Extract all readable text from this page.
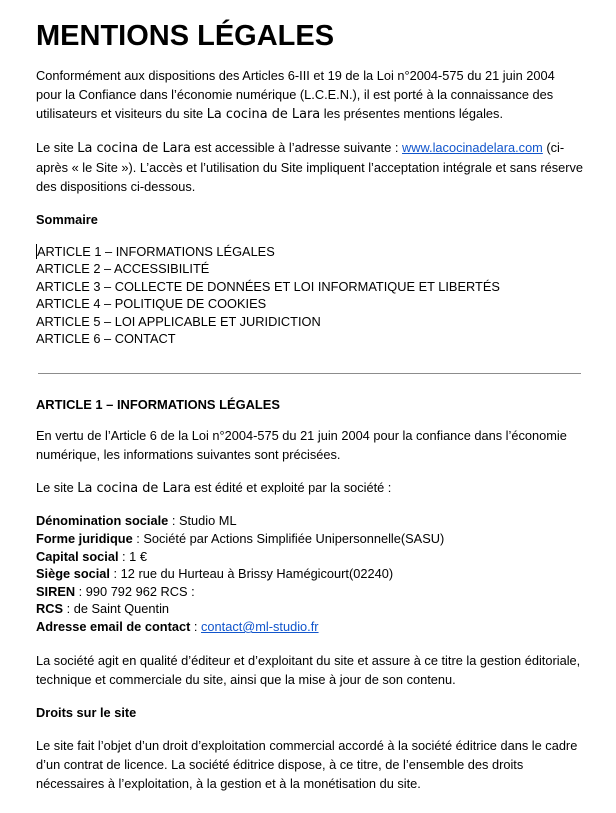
MENTIONS LÉGALES

Conformément aux dispositions des Articles 6-III et 19 de la Loi n°2004-575 du 21 juin 2004 pour la Confiance dans l’économie numérique (L.C.E.N.), il est porté à la connaissance des utilisateurs et visiteurs du site La cocina de Lara les présentes mentions légales.

Le site La cocina de Lara est accessible à l’adresse suivante : www.lacocinadelara.com (ci-après « le Site »). L’accès et l’utilisation du Site impliquent l’acceptation intégrale et sans réserve des dispositions ci-dessous.

Sommaire

ARTICLE 1 – INFORMATIONS LÉGALES
ARTICLE 2 – ACCESSIBILITÉ
ARTICLE 3 – COLLECTE DE DONNÉES ET LOI INFORMATIQUE ET LIBERTÉS
ARTICLE 4 – POLITIQUE DE COOKIES
ARTICLE 5 – LOI APPLICABLE ET JURIDICTION
ARTICLE 6 – CONTACT
ARTICLE 1 – INFORMATIONS LÉGALES

En vertu de l’Article 6 de la Loi n°2004-575 du 21 juin 2004 pour la confiance dans l’économie numérique, les informations suivantes sont précisées.

Le site La cocina de Lara est édité et exploité par la société :

Dénomination sociale : Studio ML
Forme juridique : Société par Actions Simplifiée Unipersonnelle(SASU)
Capital social : 1 €
Siège social : 12 rue du Hurteau à Brissy Hamégicourt(02240)
SIREN : 990 792 962 RCS :
RCS : de Saint Quentin
Adresse email de contact : contact@ml-studio.fr

La société agit en qualité d’éditeur et d’exploitant du site et assure à ce titre la gestion éditoriale, technique et commerciale du site, ainsi que la mise à jour de son contenu.

Droits sur le site

Le site fait l’objet d’un droit d’exploitation commercial accordé à la société éditrice dans le cadre d’un contrat de licence. La société éditrice dispose, à ce titre, de l’ensemble des droits nécessaires à l’exploitation, à la gestion et à la monétisation du site.
